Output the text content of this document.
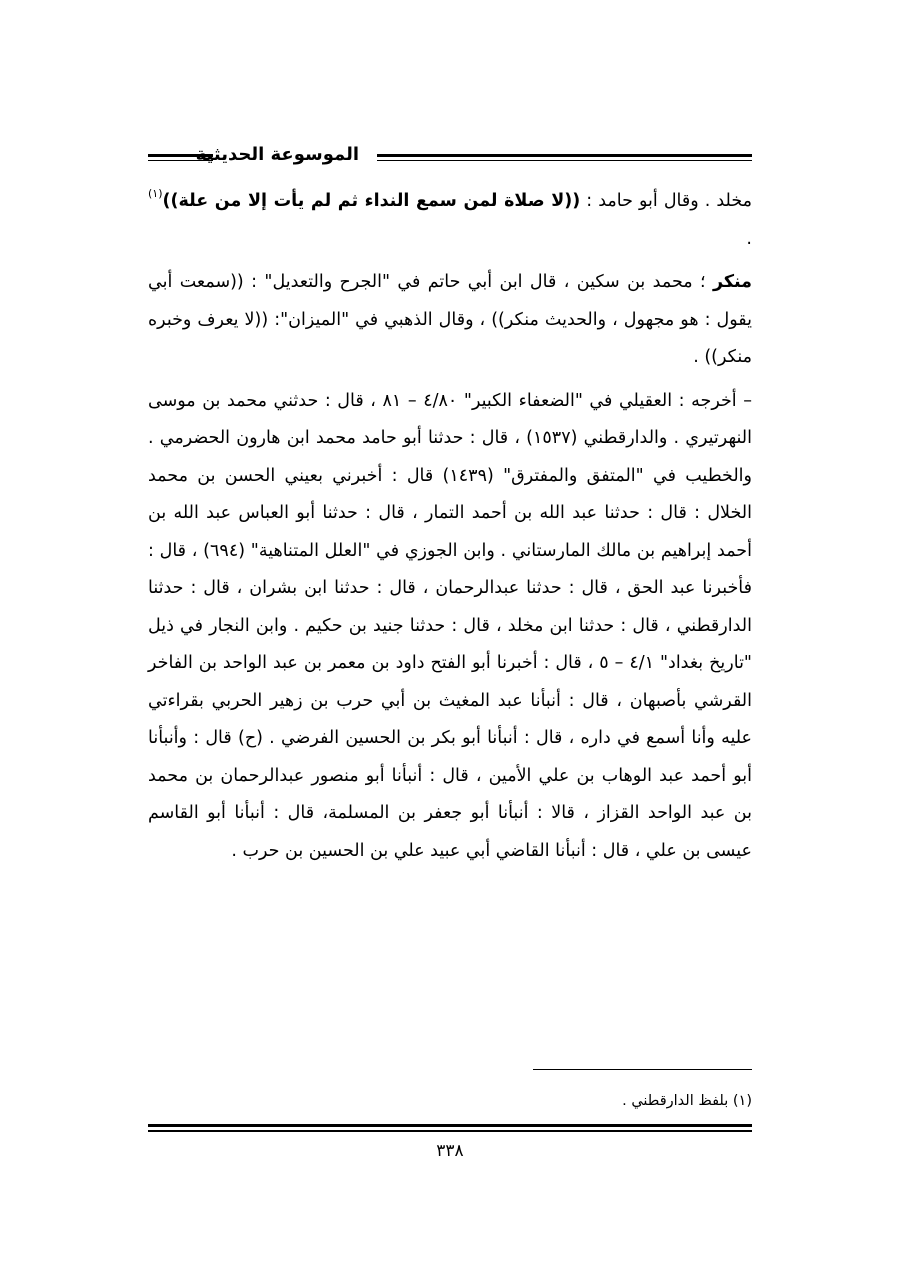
الموسوعة الحديثية

مخلد . وقال أبو حامد : ((لا صلاة لمن سمع النداء ثم لم يأت إلا من علة))$^{(١)}$ .

منكر ؛ محمد بن سكين ، قال ابن أبي حاتم في "الجرح والتعديل" : ((سمعت أبي يقول : هو مجهول ، والحديث منكر)) ، وقال الذهبي في "الميزان": ((لا يعرف وخبره منكر)) .

– أخرجه : العقيلي في "الضعفاء الكبير" ٤/٨٠ – ٨١ ، قال : حدثني محمد بن موسى النهرتيري . والدارقطني (١٥٣٧) ، قال : حدثنا أبو حامد محمد ابن هارون الحضرمي . والخطيب في "المتفق والمفترق" (١٤٣٩) قال : أخبرني بعيني الحسن بن محمد الخلال : قال : حدثنا عبد الله بن أحمد التمار ، قال : حدثنا أبو العباس عبد الله بن أحمد إبراهيم بن مالك المارستاني . وابن الجوزي في "العلل المتناهية" (٦٩٤) ، قال : فأخبرنا عبد الحق ، قال : حدثنا عبدالرحمان ، قال : حدثنا ابن بشران ، قال : حدثنا الدارقطني ، قال : حدثنا ابن مخلد ، قال : حدثنا جنيد بن حكيم . وابن النجار في ذيل "تاريخ بغداد" ٤/١ – ٥ ، قال : أخبرنا أبو الفتح داود بن معمر بن عبد الواحد بن الفاخر القرشي بأصبهان ، قال : أنبأنا عبد المغيث بن أبي حرب بن زهير الحربي بقراءتي عليه وأنا أسمع في داره ، قال : أنبأنا أبو بكر بن الحسين الفرضي . (ح) قال : وأنبأنا أبو أحمد عبد الوهاب بن علي الأمين ، قال : أنبأنا أبو منصور عبدالرحمان بن محمد بن عبد الواحد القزاز ، قالا : أنبأنا أبو جعفر بن المسلمة، قال : أنبأنا أبو القاسم عيسى بن علي ، قال : أنبأنا القاضي أبي عبيد علي بن الحسين بن حرب .

(١) بلفظ الدارقطني .
٣٣٨
